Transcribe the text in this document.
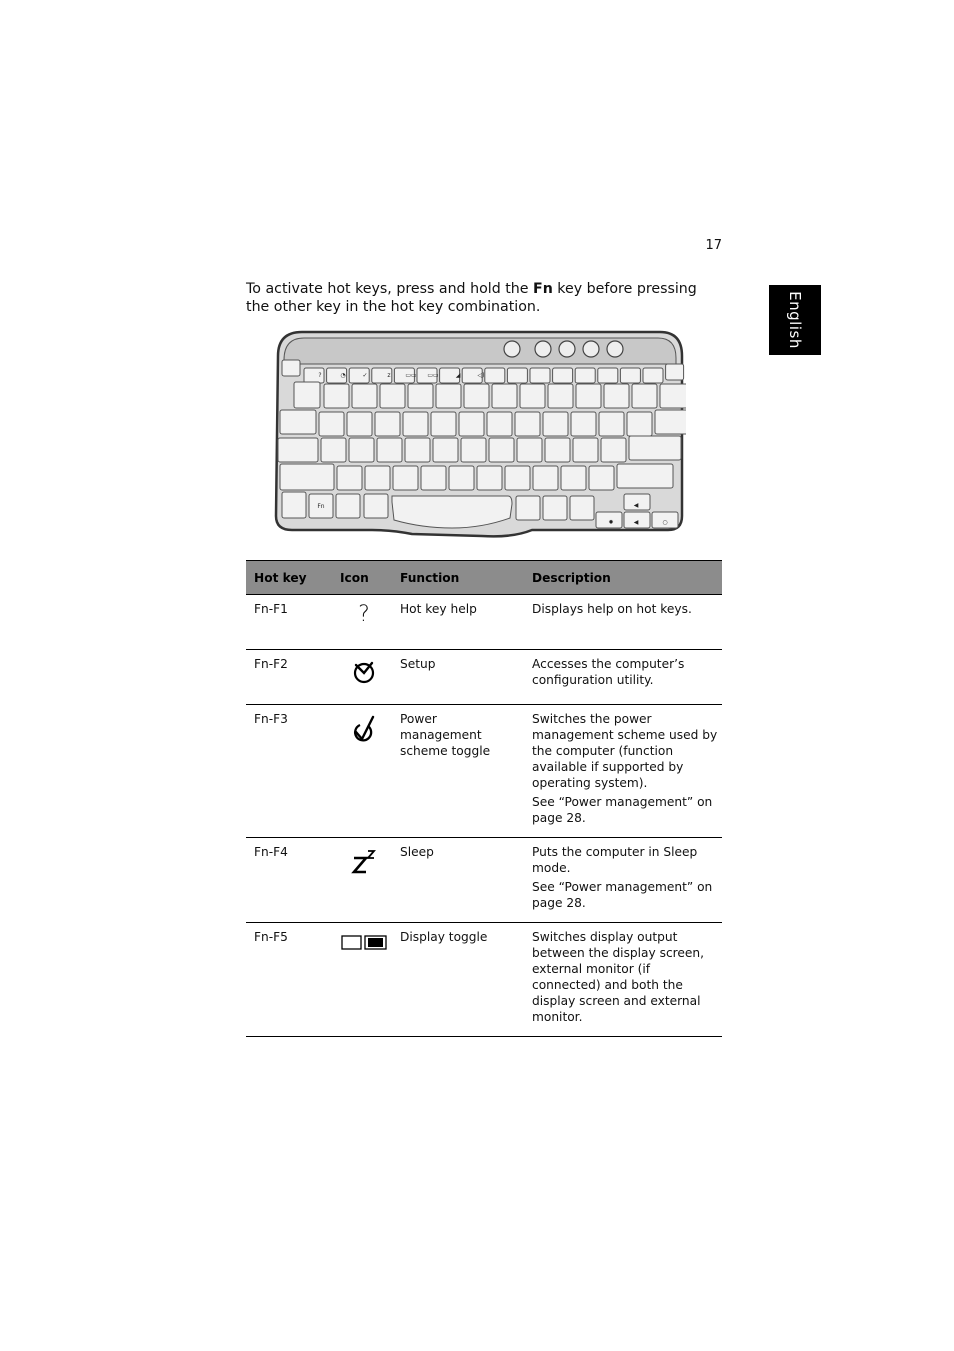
17
English

To activate hot keys, press and hold the Fn key before pressing the other key in the hot key combination.

?	◔	✓	z ▭▭ ▭▭	◢	◁)
Fn	◀
✹	◀	○
Hot key	Icon	Function	Description
Fn-F1	?	Hot key help	Displays help on hot keys.

Fn-F2		Setup	Accesses the computer’s configuration utility.

Fn-F3		Power management scheme toggle	Switches the power management scheme used by the computer (function available if supported by operating system).

See “Power management” on page 28.

Fn-F4		Sleep	Puts the computer in Sleep mode.

See “Power management” on page 28.

Fn-F5		Display toggle	Switches display output between the display screen, external monitor (if connected) and both the display screen and external monitor.
